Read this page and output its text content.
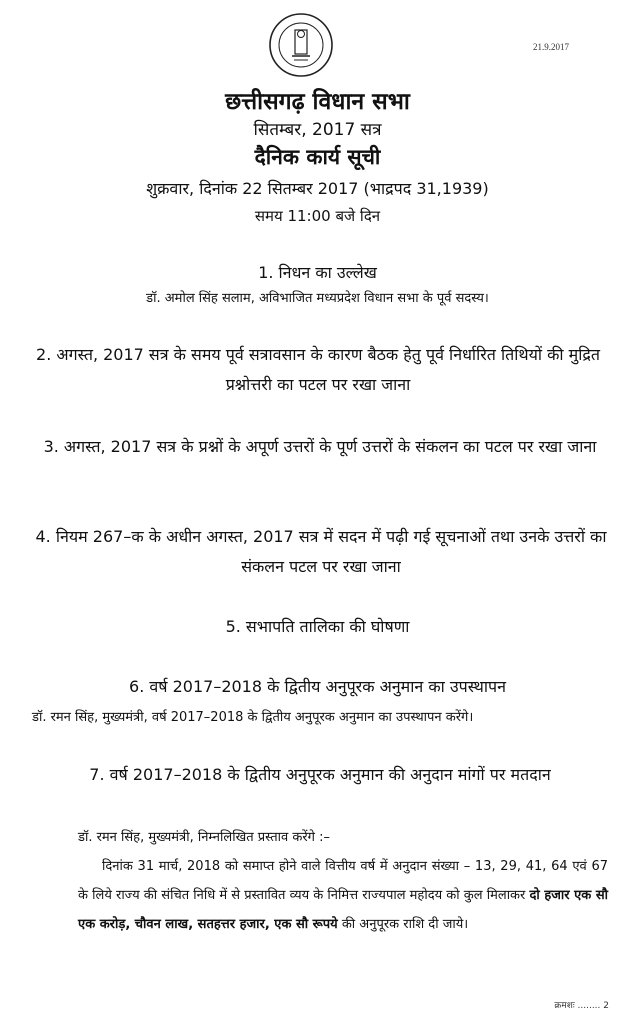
21.9.2017
छत्तीसगढ़ विधान सभा
सितम्बर, 2017 सत्र
दैनिक कार्य सूची
शुक्रवार, दिनांक 22 सितम्बर 2017 (भाद्रपद 31,1939)
समय 11:00 बजे दिन
1. निधन का उल्लेख
डॉ. अमोल सिंह सलाम, अविभाजित मध्यप्रदेश विधान सभा के पूर्व सदस्य।
2. अगस्त, 2017 सत्र के समय पूर्व सत्रावसान के कारण बैठक हेतु पूर्व निर्धारित तिथियों की मुद्रित प्रश्नोत्तरी का पटल पर रखा जाना
3. अगस्त, 2017 सत्र के प्रश्नों के अपूर्ण उत्तरों के पूर्ण उत्तरों के संकलन का पटल पर रखा जाना
4. नियम 267–क के अधीन अगस्त, 2017 सत्र में सदन में पढ़ी गई सूचनाओं तथा उनके उत्तरों का संकलन पटल पर रखा जाना
5. सभापति तालिका की घोषणा
6. वर्ष 2017–2018 के द्वितीय अनुपूरक अनुमान का उपस्थापन
डॉ. रमन सिंह, मुख्यमंत्री, वर्ष 2017–2018 के द्वितीय अनुपूरक अनुमान का उपस्थापन करेंगे।
7. वर्ष 2017–2018 के द्वितीय अनुपूरक अनुमान की अनुदान मांगों पर मतदान
डॉ. रमन सिंह, मुख्यमंत्री, निम्नलिखित प्रस्ताव करेंगे :–
दिनांक 31 मार्च, 2018 को समाप्त होने वाले वित्तीय वर्ष में अनुदान संख्या – 13, 29, 41, 64 एवं 67 के लिये राज्य की संचित निधि में से प्रस्तावित व्यय के निमित्त राज्यपाल महोदय को कुल मिलाकर दो हजार एक सौ एक करोड़, चौवन लाख, सतहत्तर हजार, एक सौ रूपये की अनुपूरक राशि दी जाये।
क्रमशः ........ 2
